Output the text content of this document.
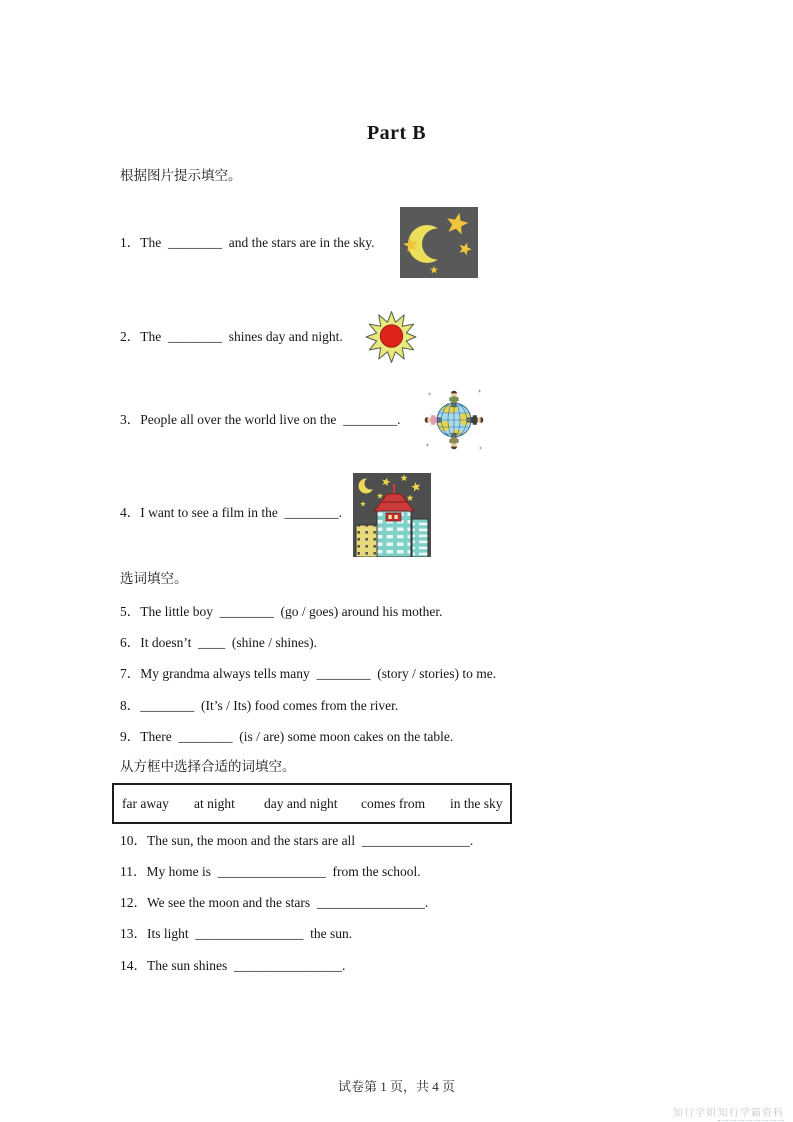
Part B
根据图片提示填空。
1．The  ________  and the stars are in the sky.
2．The  ________  shines day and night.
3．People all over the world live on the  ________.
4．I want to see a film in the  ________.
选词填空。
5．The little boy  ________  (go / goes) around his mother.
6．It doesn’t  ____  (shine / shines).
7．My grandma always tells many  ________  (story / stories) to me.
8．________  (It’s / Its) food comes from the river.
9．There  ________  (is / are) some moon cakes on the table.
从方框中选择合适的词填空。
far away at night day and night comes from in the sky
10．The sun, the moon and the stars are all  ________________.
11．My home is  ________________  from the school.
12．We see the moon and the stars  ________________.
13．Its light  ________________  the sun.
14．The sun shines  ________________.
试卷第 1 页，共 4 页
知行学姐 知行学霸资料
